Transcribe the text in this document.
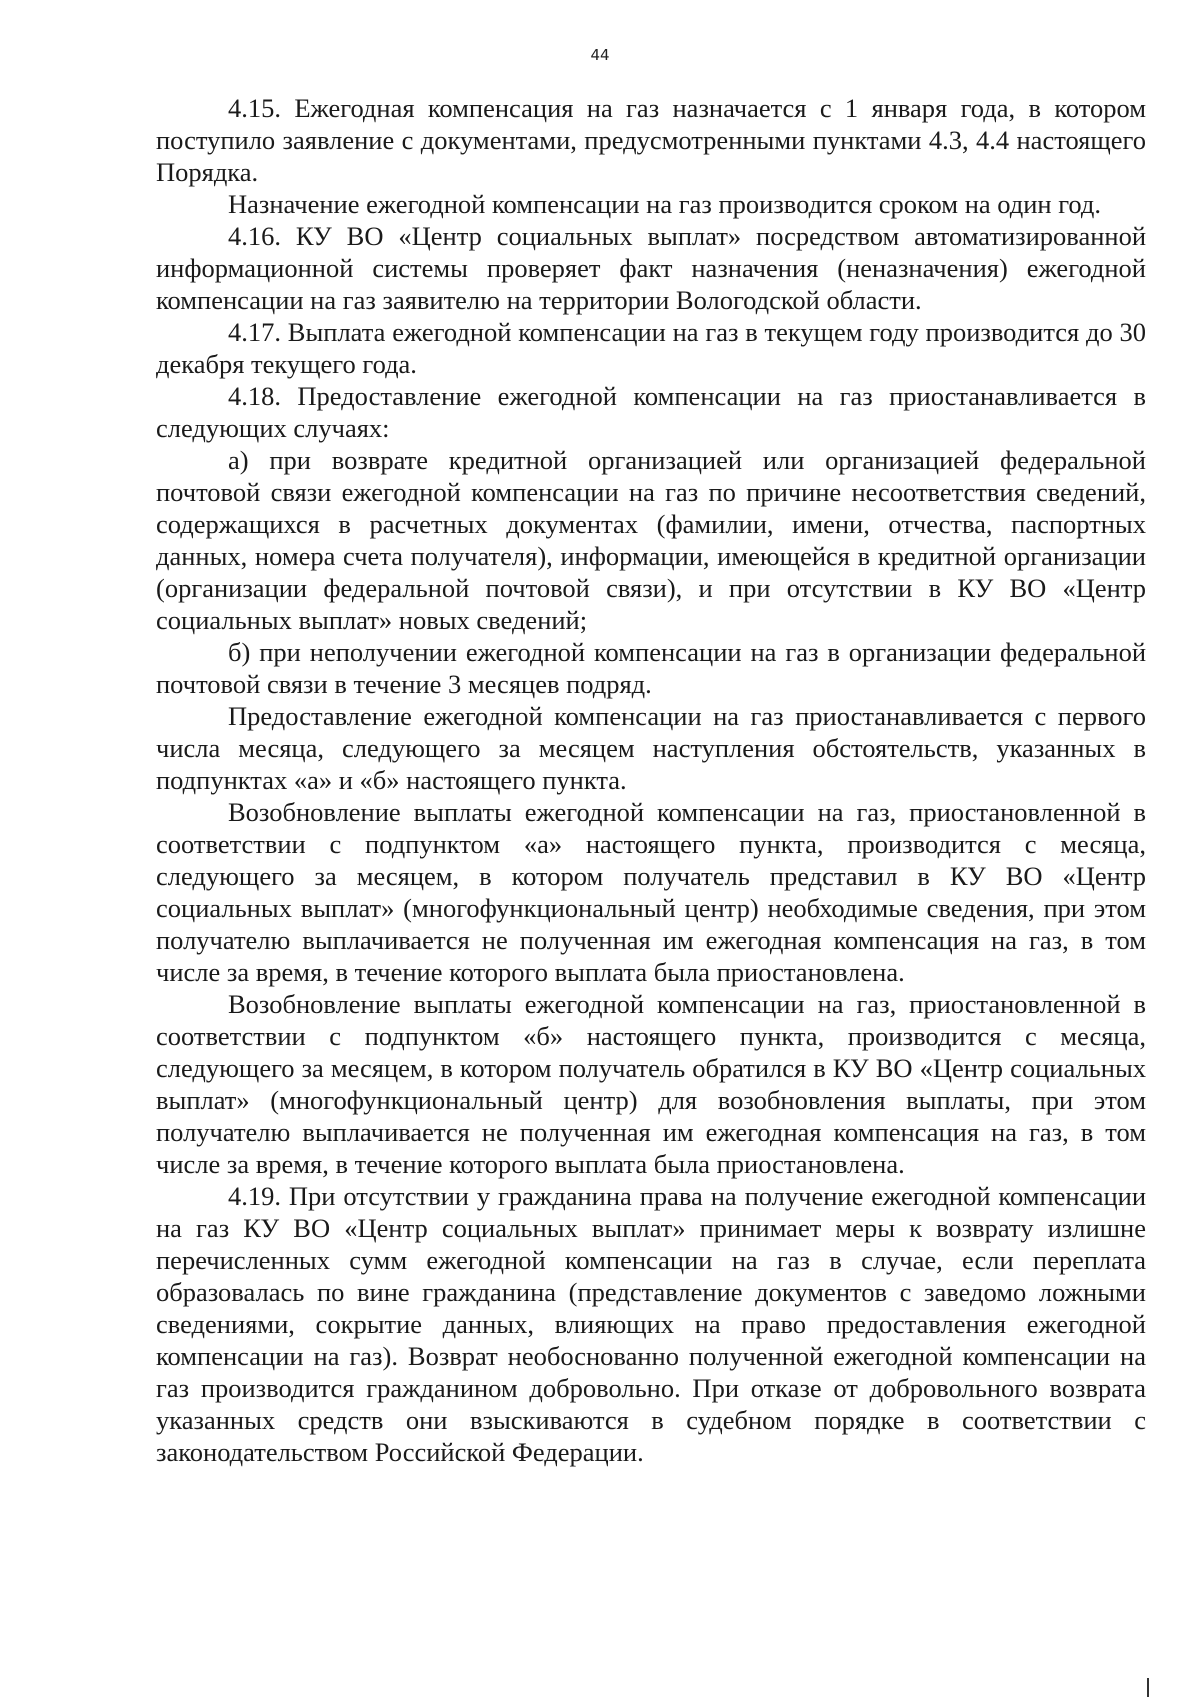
44

4.15. Ежегодная компенсация на газ назначается с 1 января года, в котором поступило заявление с документами, предусмотренными пунктами 4.3, 4.4 настоящего Порядка.

Назначение ежегодной компенсации на газ производится сроком на один год.

4.16. КУ ВО «Центр социальных выплат» посредством автоматизированной информационной системы проверяет факт назначения (неназначения) ежегодной компенсации на газ заявителю на территории Вологодской области.

4.17. Выплата ежегодной компенсации на газ в текущем году производится до 30 декабря текущего года.

4.18. Предоставление ежегодной компенсации на газ приостанавливается в следующих случаях:

а) при возврате кредитной организацией или организацией федеральной почтовой связи ежегодной компенсации на газ по причине несоответствия сведений, содержащихся в расчетных документах (фамилии, имени, отчества, паспортных данных, номера счета получателя), информации, имеющейся в кредитной организации (организации федеральной почтовой связи), и при отсутствии в КУ ВО «Центр социальных выплат» новых сведений;

б) при неполучении ежегодной компенсации на газ в организации федеральной почтовой связи в течение 3 месяцев подряд.

Предоставление ежегодной компенсации на газ приостанавливается с первого числа месяца, следующего за месяцем наступления обстоятельств, указанных в подпунктах «а» и «б» настоящего пункта.

Возобновление выплаты ежегодной компенсации на газ, приостановленной в соответствии с подпунктом «а» настоящего пункта, производится с месяца, следующего за месяцем, в котором получатель представил в КУ ВО «Центр социальных выплат» (многофункциональный центр) необходимые сведения, при этом получателю выплачивается не полученная им ежегодная компенсация на газ, в том числе за время, в течение которого выплата была приостановлена.

Возобновление выплаты ежегодной компенсации на газ, приостановленной в соответствии с подпунктом «б» настоящего пункта, производится с месяца, следующего за месяцем, в котором получатель обратился в КУ ВО «Центр социальных выплат» (многофункциональный центр) для возобновления выплаты, при этом получателю выплачивается не полученная им ежегодная компенсация на газ, в том числе за время, в течение которого выплата была приостановлена.

4.19. При отсутствии у гражданина права на получение ежегодной компенсации на газ КУ ВО «Центр социальных выплат» принимает меры к возврату излишне перечисленных сумм ежегодной компенсации на газ в случае, если переплата образовалась по вине гражданина (представление документов с заведомо ложными сведениями, сокрытие данных, влияющих на право предоставления ежегодной компенсации на газ). Возврат необоснованно полученной ежегодной компенсации на газ производится гражданином добровольно. При отказе от добровольного возврата указанных средств они взыскиваются в судебном порядке в соответствии с законодательством Российской Федерации.
